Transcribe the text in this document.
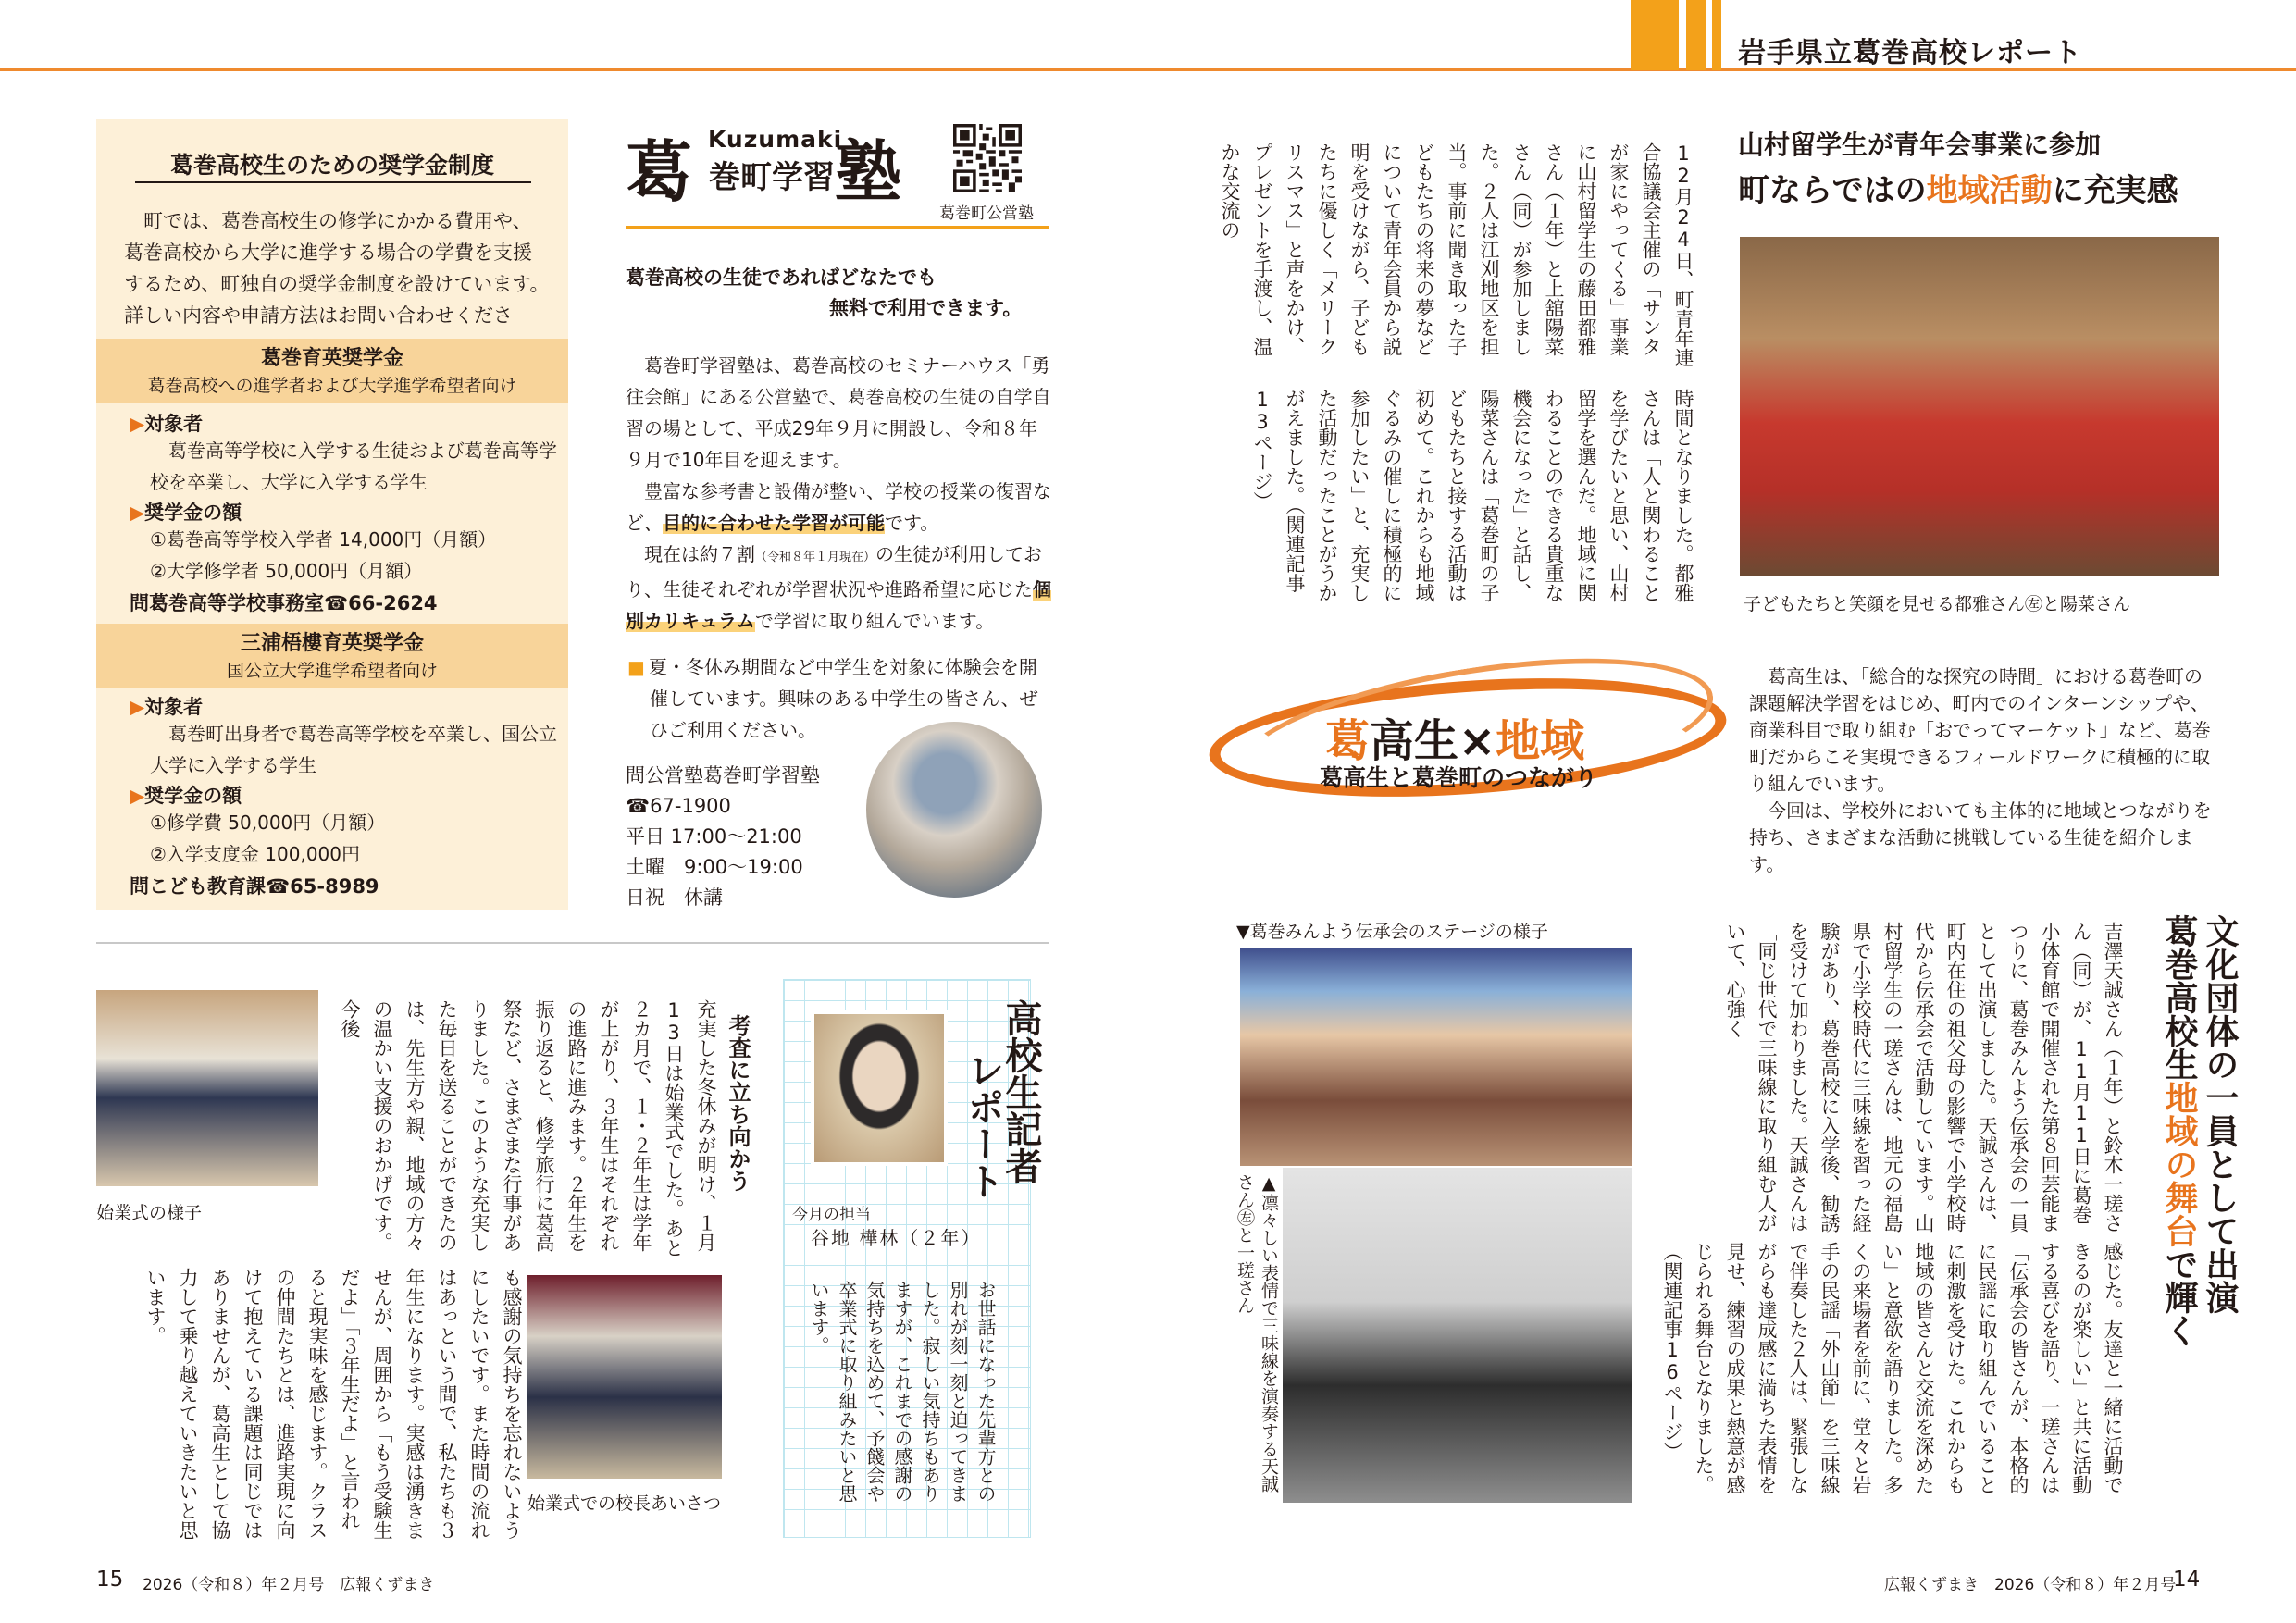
岩手県立葛巻高校レポート
葛巻高校生のための奨学金制度
町では、葛巻高校生の修学にかかる費用や、葛巻高校から大学に進学する場合の学費を支援するため、町独自の奨学金制度を設けています。詳しい内容や申請方法はお問い合わせくださ
葛巻育英奨学金
葛巻高校への進学者および大学進学希望者向け
▶対象者
葛巻高等学校に入学する生徒および葛巻高等学校を卒業し、大学に入学する学生
▶奨学金の額
①葛巻高等学校入学者 14,000円（月額）
②大学修学者 50,000円（月額）
問葛巻高等学校事務室☎66-2624
三浦梧樓育英奨学金
国公立大学進学希望者向け
▶対象者
葛巻町出身者で葛巻高等学校を卒業し、国公立大学に入学する学生
▶奨学金の額
①修学費 50,000円（月額）
②入学支度金 100,000円
問こども教育課☎65-8989
葛 Kuzumaki
巻町学習 塾
葛巻町公営塾
葛巻高校の生徒であればどなたでも
無料で利用できます。

葛巻町学習塾は、葛巻高校のセミナーハウス「勇往会館」にある公営塾で、葛巻高校の生徒の自学自習の場として、平成29年９月に開設し、令和８年９月で10年目を迎えます。

豊富な参考書と設備が整い、学校の授業の復習など、目的に合わせた学習が可能です。

現在は約７割（令和８年１月現在）の生徒が利用しており、生徒それぞれが学習状況や進路希望に応じた個別カリキュラムで学習に取り組んでいます。

■ 夏・冬休み期間など中学生を対象に体験会を開催しています。興味のある中学生の皆さん、ぜひご利用ください。
問公営塾葛巻町学習塾
☎67-1900
平日 17:00～21:00
土曜　9:00～19:00
日祝　休講
12月24日、町青年連合協議会主催の「サンタが家にやってくる」事業に山村留学生の藤田都雅さん（１年）と上舘陽菜さん（同）が参加しました。２人は江刈地区を担当。事前に聞き取った子どもたちの将来の夢などについて青年会員から説明を受けながら、子どもたちに優しく「メリークリスマス」と声をかけ、プレゼントを手渡し、温かな交流の
時間となりました。都雅さんは「人と関わることを学びたいと思い、山村留学を選んだ。地域に関わることのできる貴重な機会になった」と話し、陽菜さんは「葛巻町の子どもたちと接する活動は初めて。これからも地域ぐるみの催しに積極的に参加したい」と、充実した活動だったことがうかがえました。（関連記事13ページ）
山村留学生が青年会事業に参加
町ならではの地域活動に充実感
子どもたちと笑顔を見せる都雅さん㊧と陽菜さん
葛高生×地域
葛高生と葛巻町のつながり

葛高生は、「総合的な探究の時間」における葛巻町の課題解決学習をはじめ、町内でのインターンシップや、商業科目で取り組む「おでってマーケット」など、葛巻町だからこそ実現できるフィールドワークに積極的に取り組んでいます。

今回は、学校外においても主体的に地域とつながりを持ち、さまざまな活動に挑戦している生徒を紹介します。

▼葛巻みんよう伝承会のステージの様子
▲凛々しい表情で三味線を演奏する天誠さん㊧と一瑳さん	文化団体の一員として出演
葛巻高校生地域の舞台で輝く
吉澤天誠さん（１年）と鈴木一瑳さん（同）が、11月11日に葛巻小体育館で開催された第８回芸能まつりに、葛巻みんよう伝承会の一員として出演しました。天誠さんは、町内在住の祖父母の影響で小学校時代から伝承会で活動しています。山村留学生の一瑳さんは、地元の福島県で小学校時代に三味線を習った経験があり、葛巻高校に入学後、勧誘を受けて加わりました。天誠さんは「同じ世代で三味線に取り組む人がいて、心強く
感じた。友達と一緒に活動できるのが楽しい」と共に活動する喜びを語り、一瑳さんは「伝承会の皆さんが、本格的に民謡に取り組んでいることに刺激を受けた。これからも地域の皆さんと交流を深めたい」と意欲を語りました。多くの来場者を前に、堂々と岩手の民謡「外山節」を三味線で伴奏した２人は、緊張しながらも達成感に満ちた表情を見せ、練習の成果と熱意が感じられる舞台となりました。（関連記事16ページ）
始業式の様子
考査に立ち向かう
充実した冬休みが明け、１月13日は始業式でした。あと２カ月で、１・２年生は学年が上がり、３年生はそれぞれの進路に進みます。２年生を振り返ると、修学旅行に葛高祭など、さまざまな行事がありました。このような充実した毎日を送ることができたのは、先生方や親、地域の方々の温かい支援のおかげです。今後
も感謝の気持ちを忘れないようにしたいです。また時間の流れはあっという間で、私たちも３年生になります。実感は湧きませんが、周囲から「もう受験生だよ」「３年生だよ」と言われると現実味を感じます。クラスの仲間たちとは、進路実現に向けて抱えている課題は同じではありませんが、葛高生として協力して乗り越えていきたいと思います。
始業式での校長あいさつ
高校生記者
レポート
今月の担当
谷地 樺林（２年）
お世話になった先輩方との別れが刻一刻と迫ってきました。寂しい気持ちもありますが、これまでの感謝の気持ちを込めて、予餞会や卒業式に取り組みたいと思います。
15 2026（令和８）年２月号　広報くずまき	広報くずまき　2026（令和８）年２月号
14
